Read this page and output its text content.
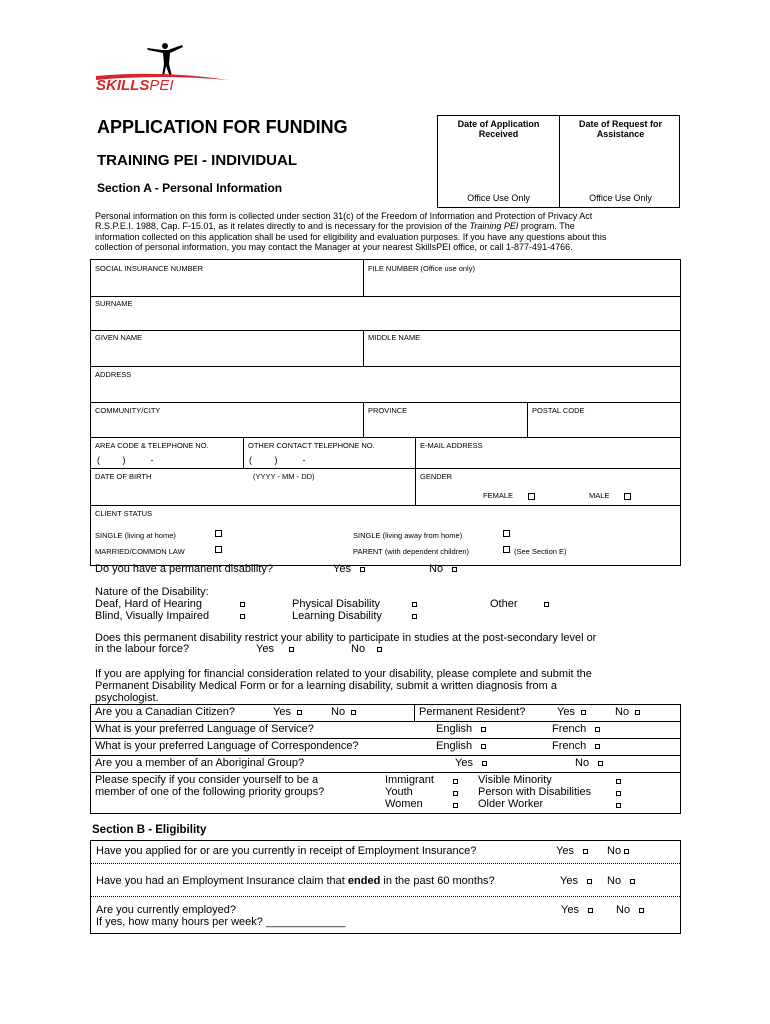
SKILLSPEI
APPLICATION FOR FUNDING
TRAINING PEI - INDIVIDUAL
Section A - Personal Information
Date of Application Received
Office Use Only
Date of Request for Assistance
Office Use Only
Personal information on this form is collected under section 31(c) of the Freedom of Information and Protection of Privacy Act
R.S.P.E.I. 1988, Cap. F-15.01, as it relates directly to and is necessary for the provision of the Training PEI program. The
information collected on this application shall be used for eligibility and evaluation purposes. If you have any questions about this
collection of personal information, you may contact the Manager at your nearest SkillsPEI office, or call 1-877-491-4766.
SOCIAL INSURANCE NUMBER	FILE NUMBER (Office use only)
SURNAME
GIVEN NAME	MIDDLE NAME
ADDRESS
COMMUNITY/CITY	PROVINCE	POSTAL CODE
AREA CODE & TELEPHONE NO.	OTHER CONTACT TELEPHONE NO.	E-MAIL ADDRESS
(         )          -	(         )          -
DATE OF BIRTH	(YYYY - MM - DD)	GENDER
FEMALE	MALE
CLIENT STATUS
SINGLE (living at home)	SINGLE (living away from home)
MARRIED/COMMON LAW	PARENT (with dependent children)	(See Section E)
Do you have a permanent disability?	Yes	No
Nature of the Disability:
Deaf, Hard of Hearing
Blind, Visually Impaired
Physical Disability
Learning Disability
Other
Does this permanent disability restrict your ability to participate in studies at the post-secondary level or
in the labour force?	Yes	No
If you are applying for financial consideration related to your disability, please complete and submit the
Permanent Disability Medical Form or for a learning disability, submit a written diagnosis from a
psychologist.
Are you a Canadian Citizen?	Yes	No	Permanent Resident?	Yes	No
What is your preferred Language of Service?	English	French
What is your preferred Language of Correspondence?	English	French
Are you a member of an Aboriginal Group?	Yes	No
Please specify if you consider yourself to be a
member of one of the following priority groups?
Immigrant
Youth
Women
Visible Minority
Person with Disabilities
Older Worker
Section B - Eligibility
Have you applied for or are you currently in receipt of Employment Insurance?	Yes	No
Have you had an Employment Insurance claim that ended in the past 60 months?	Yes	No
Are you currently employed?	Yes	No
If yes, how many hours per week? _____________
